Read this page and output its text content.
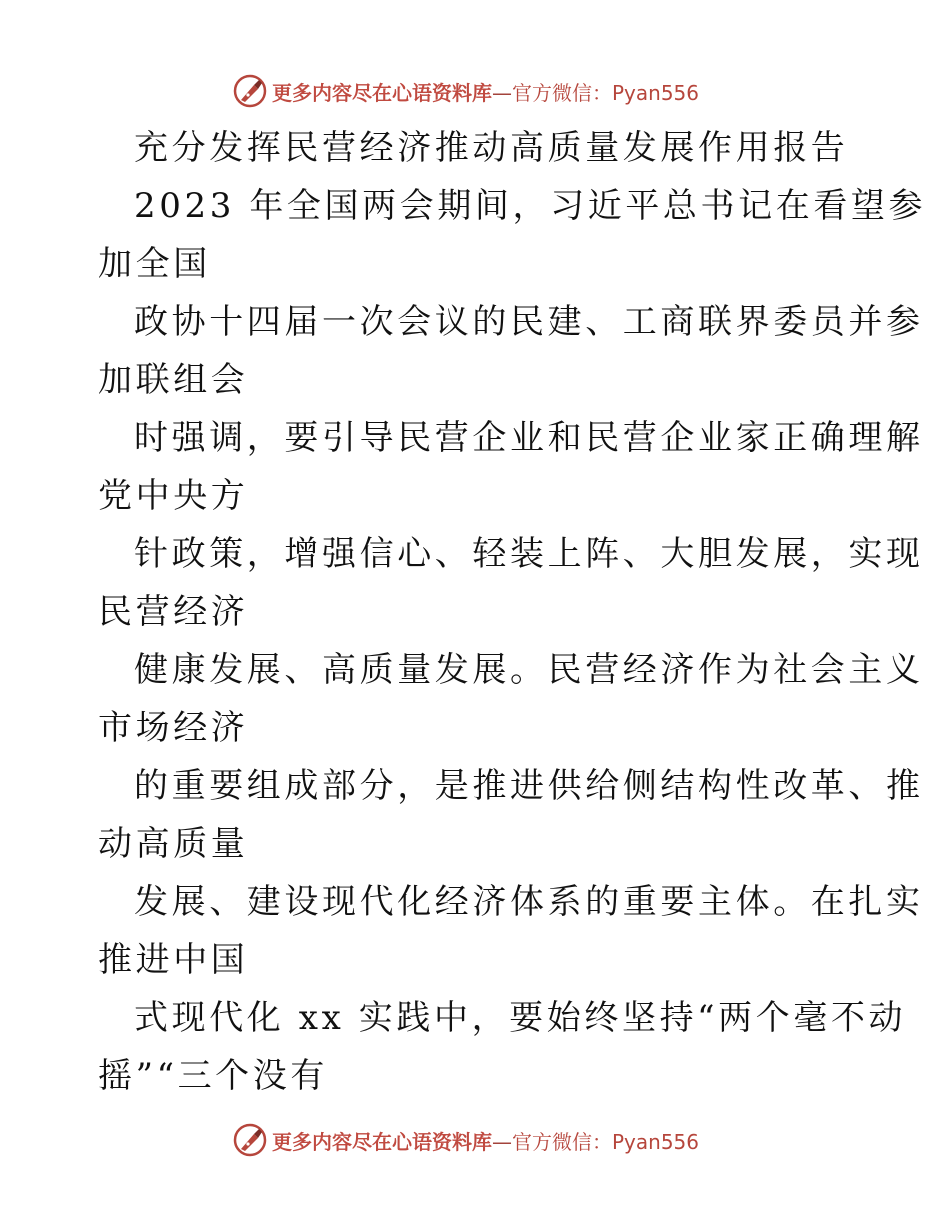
更多内容尽在心语资料库—官方微信：Pyan556
充分发挥民营经济推动高质量发展作用报告
2023 年全国两会期间，习近平总书记在看望参
加全国
政协十四届一次会议的民建、工商联界委员并参
加联组会
时强调，要引导民营企业和民营企业家正确理解
党中央方
针政策，增强信心、轻装上阵、大胆发展，实现
民营经济
健康发展、高质量发展。民营经济作为社会主义
市场经济
的重要组成部分，是推进供给侧结构性改革、推
动高质量
发展、建设现代化经济体系的重要主体。在扎实
推进中国
式现代化 xx 实践中，要始终坚持“两个毫不动
摇”“三个没有
更多内容尽在心语资料库—官方微信：Pyan556
